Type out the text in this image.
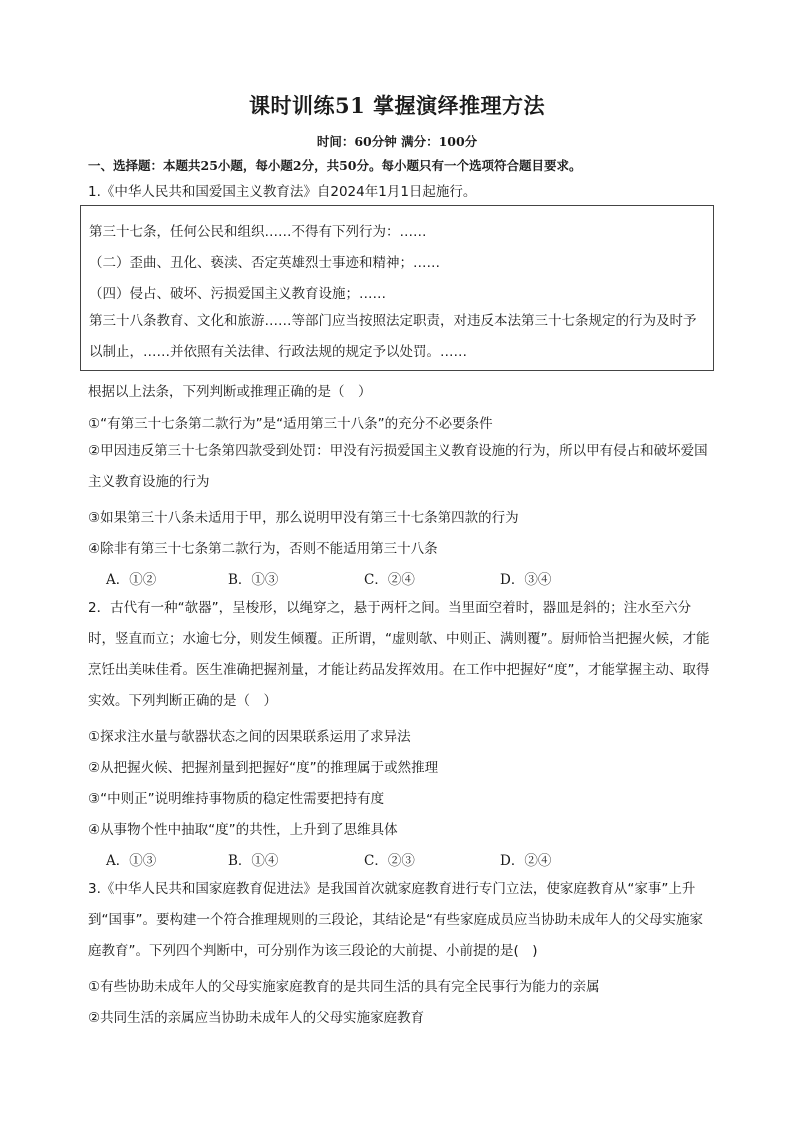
课时训练51 掌握演绎推理方法
时间：60分钟 满分：100分
一、选择题：本题共25小题，每小题2分，共50分。每小题只有一个选项符合题目要求。
1.《中华人民共和国爱国主义教育法》自2024年1月1日起施行。
第三十七条，任何公民和组织……不得有下列行为：……
（二）歪曲、丑化、亵渎、否定英雄烈士事迹和精神；……
（四）侵占、破坏、污损爱国主义教育设施；……
第三十八条教育、文化和旅游……等部门应当按照法定职责，对违反本法第三十七条规定的行为及时予以制止，……并依照有关法律、行政法规的规定予以处罚。……
根据以上法条，下列判断或推理正确的是（　）
①“有第三十七条第二款行为”是“适用第三十八条”的充分不必要条件
②甲因违反第三十七条第四款受到处罚：甲没有污损爱国主义教育设施的行为，所以甲有侵占和破坏爱国主义教育设施的行为
③如果第三十八条未适用于甲，那么说明甲没有第三十七条第四款的行为
④除非有第三十七条第二款行为，否则不能适用第三十八条
A．①②	B．①③	C．②④	D．③④
2．古代有一种“欹器”，呈梭形，以绳穿之，悬于两杆之间。当里面空着时，器皿是斜的；注水至六分时，竖直而立；水逾七分，则发生倾覆。正所谓，“虚则欹、中则正、满则覆”。厨师恰当把握火候，才能烹饪出美味佳肴。医生准确把握剂量，才能让药品发挥效用。在工作中把握好“度”，才能掌握主动、取得实效。下列判断正确的是（　）
①探求注水量与欹器状态之间的因果联系运用了求异法
②从把握火候、把握剂量到把握好“度”的推理属于或然推理
③“中则正”说明维持事物质的稳定性需要把持有度
④从事物个性中抽取“度”的共性，上升到了思维具体
A．①③	B．①④	C．②③	D．②④
3.《中华人民共和国家庭教育促进法》是我国首次就家庭教育进行专门立法，使家庭教育从“家事”上升到“国事”。要构建一个符合推理规则的三段论，其结论是“有些家庭成员应当协助未成年人的父母实施家庭教育”。下列四个判断中，可分别作为该三段论的大前提、小前提的是(　)
①有些协助未成年人的父母实施家庭教育的是共同生活的具有完全民事行为能力的亲属
②共同生活的亲属应当协助未成年人的父母实施家庭教育
